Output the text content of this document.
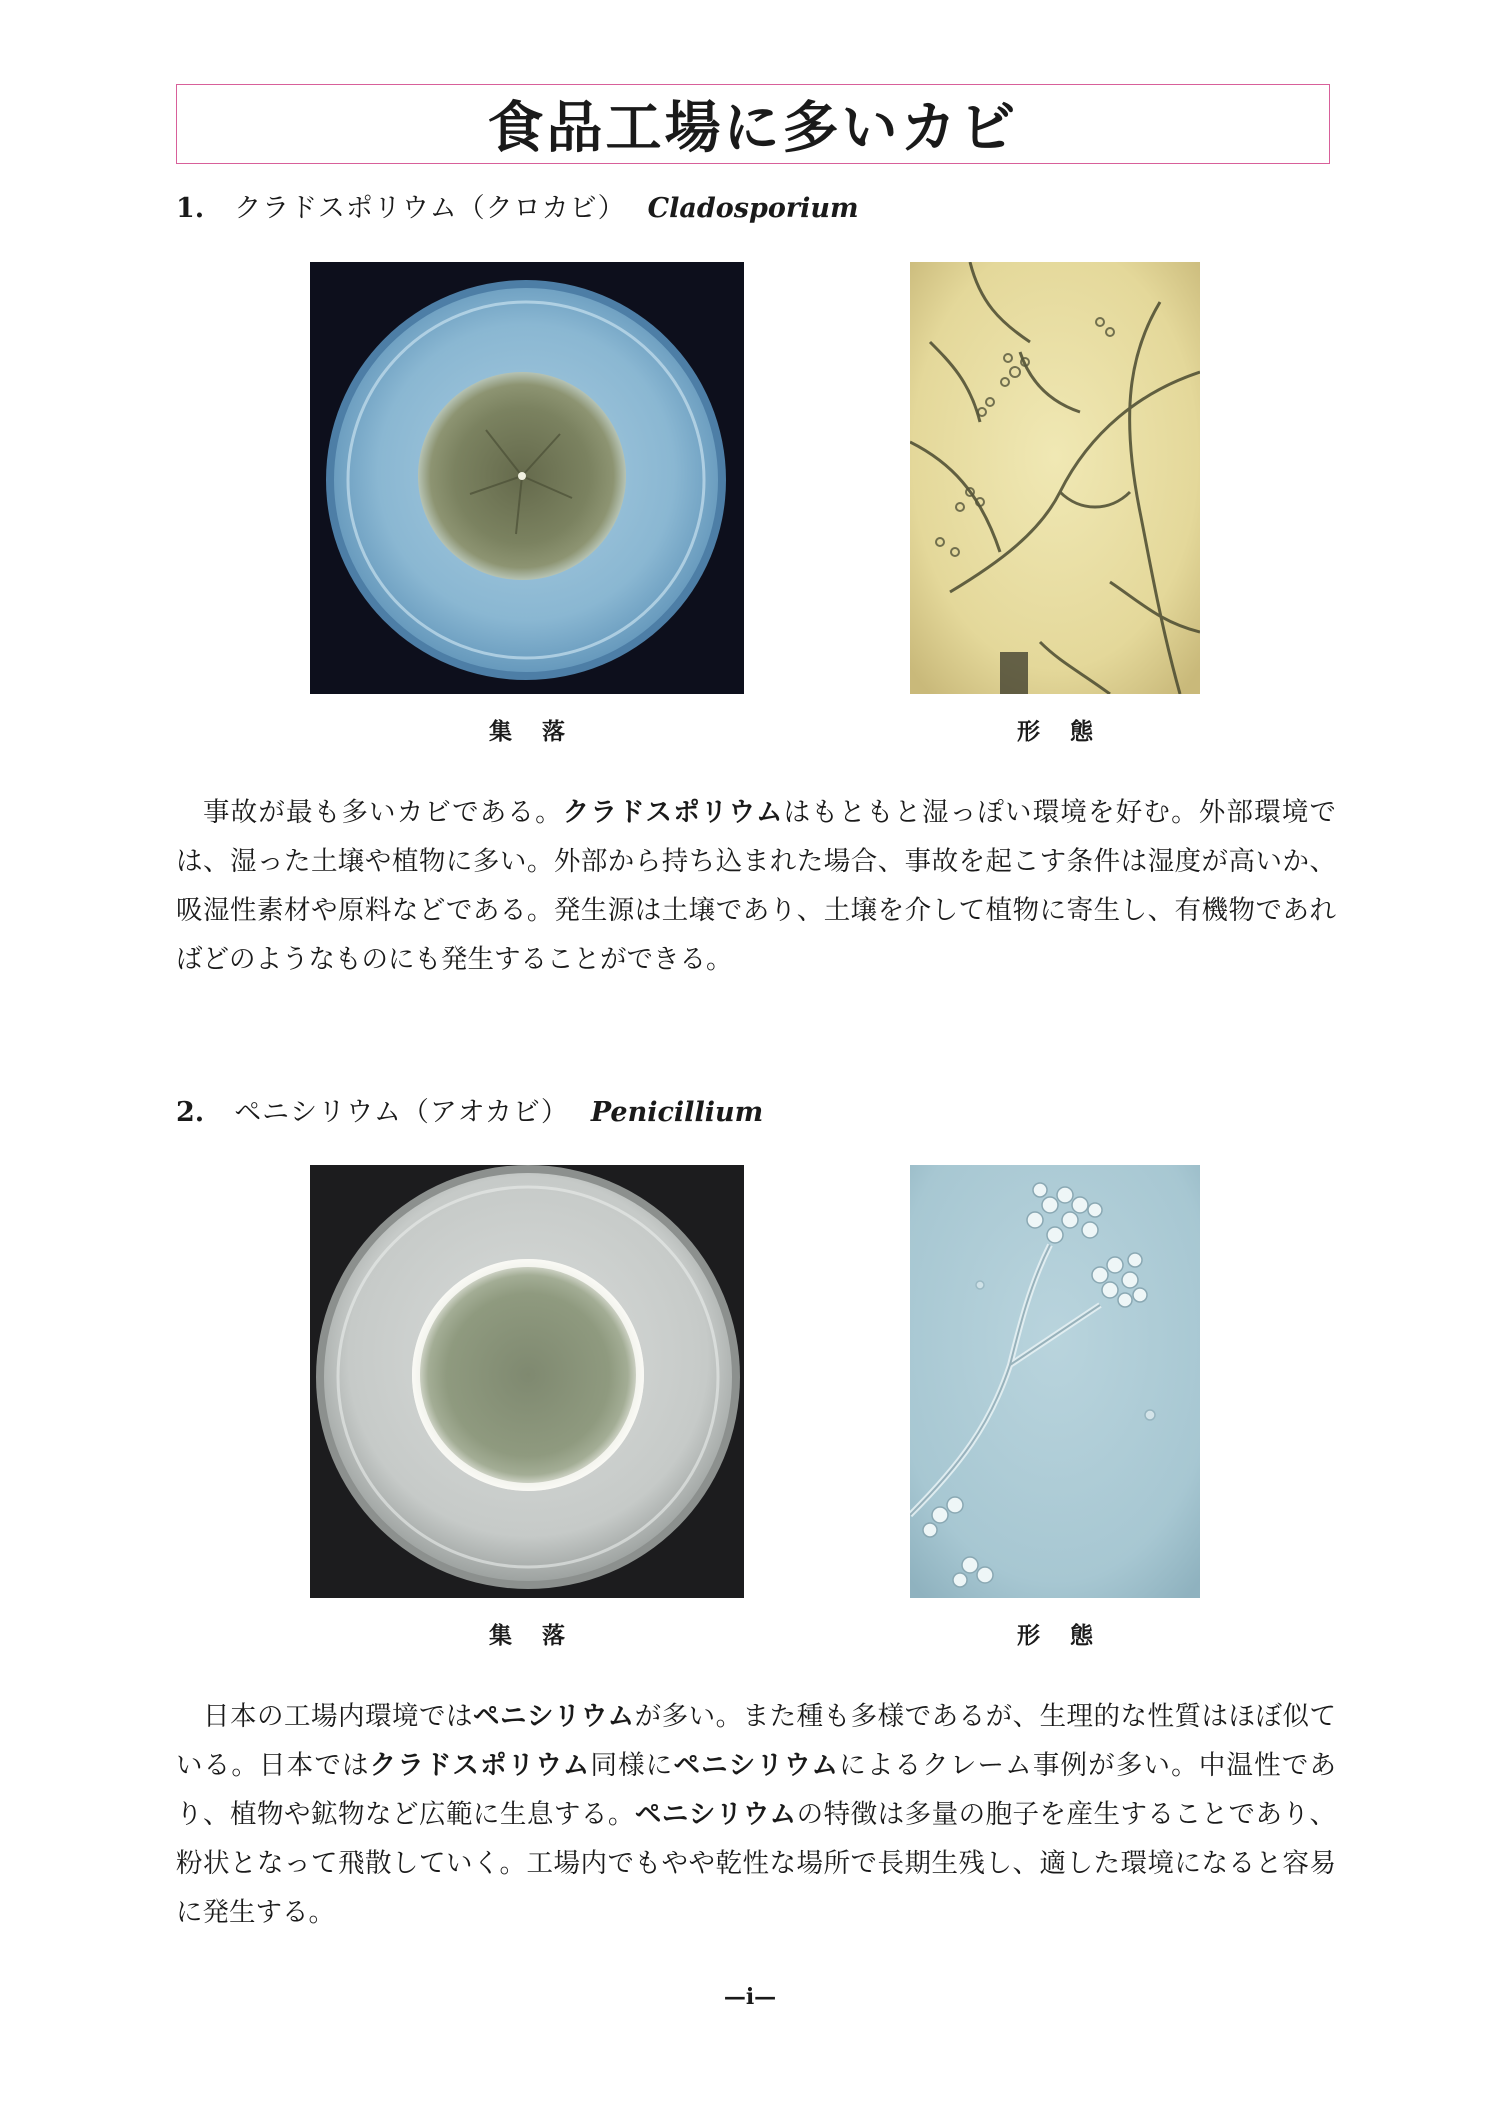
食品工場に多いカビ
1. クラドスポリウム（クロカビ） Cladosporium
集落	形態
事故が最も多いカビである。クラドスポリウムはもともと湿っぽい環境を好む。外部環境では、湿った土壌や植物に多い。外部から持ち込まれた場合、事故を起こす条件は湿度が高いか、吸湿性素材や原料などである。発生源は土壌であり、土壌を介して植物に寄生し、有機物であればどのようなものにも発生することができる。
2. ペニシリウム（アオカビ） Penicillium
集落	形態
日本の工場内環境ではペニシリウムが多い。また種も多様であるが、生理的な性質はほぼ似ている。日本ではクラドスポリウム同様にペニシリウムによるクレーム事例が多い。中温性であり、植物や鉱物など広範に生息する。ペニシリウムの特徴は多量の胞子を産生することであり、粉状となって飛散していく。工場内でもやや乾性な場所で長期生残し、適した環境になると容易に発生する。
—i—
